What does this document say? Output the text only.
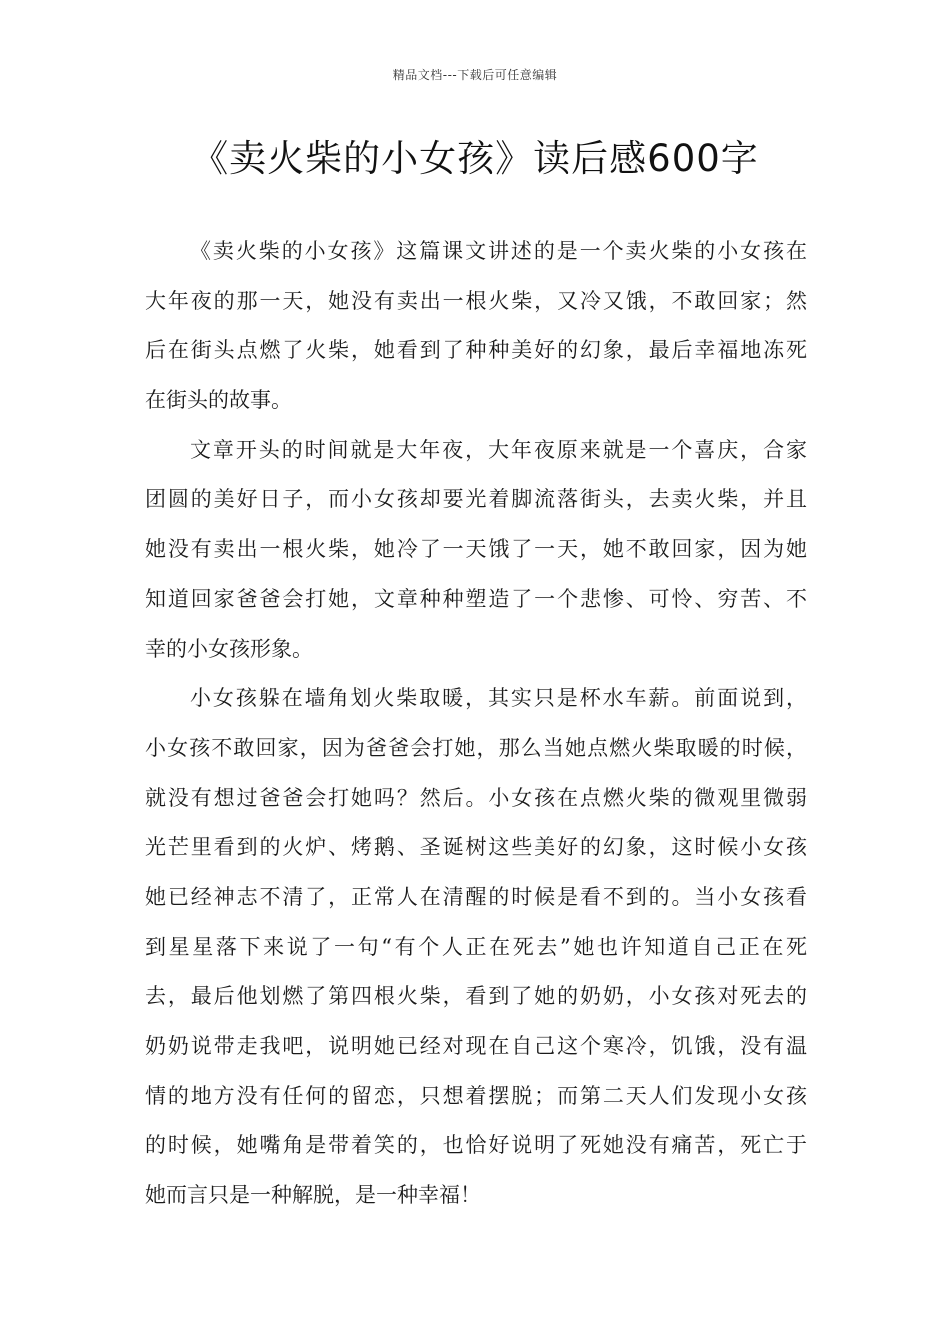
精品文档---下载后可任意编辑
《卖火柴的小女孩》读后感600字
《卖火柴的小女孩》这篇课文讲述的是一个卖火柴的小女孩在
大年夜的那一天，她没有卖出一根火柴，又冷又饿，不敢回家；然
后在街头点燃了火柴，她看到了种种美好的幻象，最后幸福地冻死
在街头的故事。
文章开头的时间就是大年夜，大年夜原来就是一个喜庆，合家
团圆的美好日子，而小女孩却要光着脚流落街头，去卖火柴，并且
她没有卖出一根火柴，她冷了一天饿了一天，她不敢回家，因为她
知道回家爸爸会打她，文章种种塑造了一个悲惨、可怜、穷苦、不
幸的小女孩形象。
小女孩躲在墙角划火柴取暖，其实只是杯水车薪。前面说到，
小女孩不敢回家，因为爸爸会打她，那么当她点燃火柴取暖的时候，
就没有想过爸爸会打她吗？然后。小女孩在点燃火柴的微观里微弱
光芒里看到的火炉、烤鹅、圣诞树这些美好的幻象，这时候小女孩
她已经神志不清了，正常人在清醒的时候是看不到的。当小女孩看
到星星落下来说了一句“有个人正在死去”她也许知道自己正在死
去，最后他划燃了第四根火柴，看到了她的奶奶，小女孩对死去的
奶奶说带走我吧，说明她已经对现在自己这个寒冷，饥饿，没有温
情的地方没有任何的留恋，只想着摆脱；而第二天人们发现小女孩
的时候，她嘴角是带着笑的，也恰好说明了死她没有痛苦，死亡于
她而言只是一种解脱，是一种幸福！
